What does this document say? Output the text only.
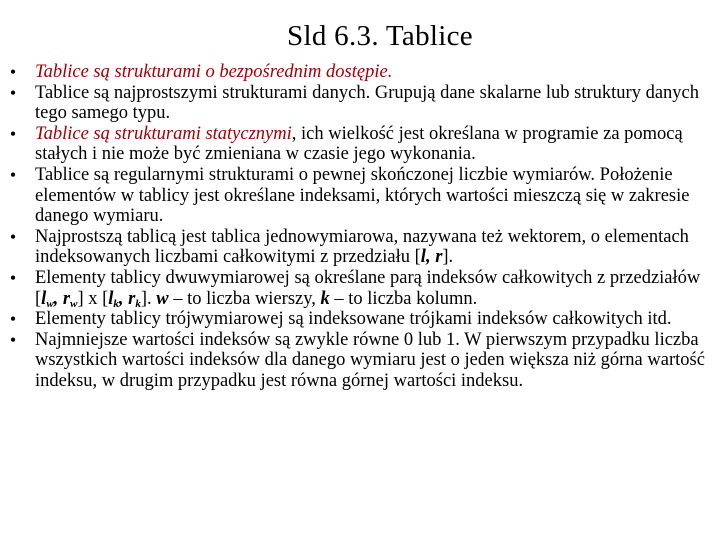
Sld 6.3. Tablice
•	Tablice są strukturami o bezpośrednim dostępie.
•	Tablice są najprostszymi strukturami danych. Grupują dane skalarne lub struktury danych tego samego typu.
•	Tablice są strukturami statycznymi, ich wielkość jest określana w programie za pomocą stałych i nie może być zmieniana w czasie jego wykonania.
•	Tablice są regularnymi strukturami o pewnej skończonej liczbie wymiarów. Położenie elementów w tablicy jest określane indeksami, których wartości mieszczą się w zakresie danego wymiaru.
•	Najprostszą tablicą jest tablica jednowymiarowa, nazywana też wektorem, o elementach indeksowanych liczbami całkowitymi z przedziału [l, r].
•	Elementy tablicy dwuwymiarowej są określane parą indeksów całkowitych z przedziałów [$l_w$, $r_w$] x [$l_k$, $r_k$]. w – to liczba wierszy, k – to liczba kolumn.
•	Elementy tablicy trójwymiarowej są indeksowane trójkami indeksów całkowitych itd.
•	Najmniejsze wartości indeksów są zwykle równe 0 lub 1. W pierwszym przypadku liczba wszystkich wartości indeksów dla danego wymiaru jest o jeden większa niż górna wartość indeksu, w drugim przypadku jest równa górnej wartości indeksu.
